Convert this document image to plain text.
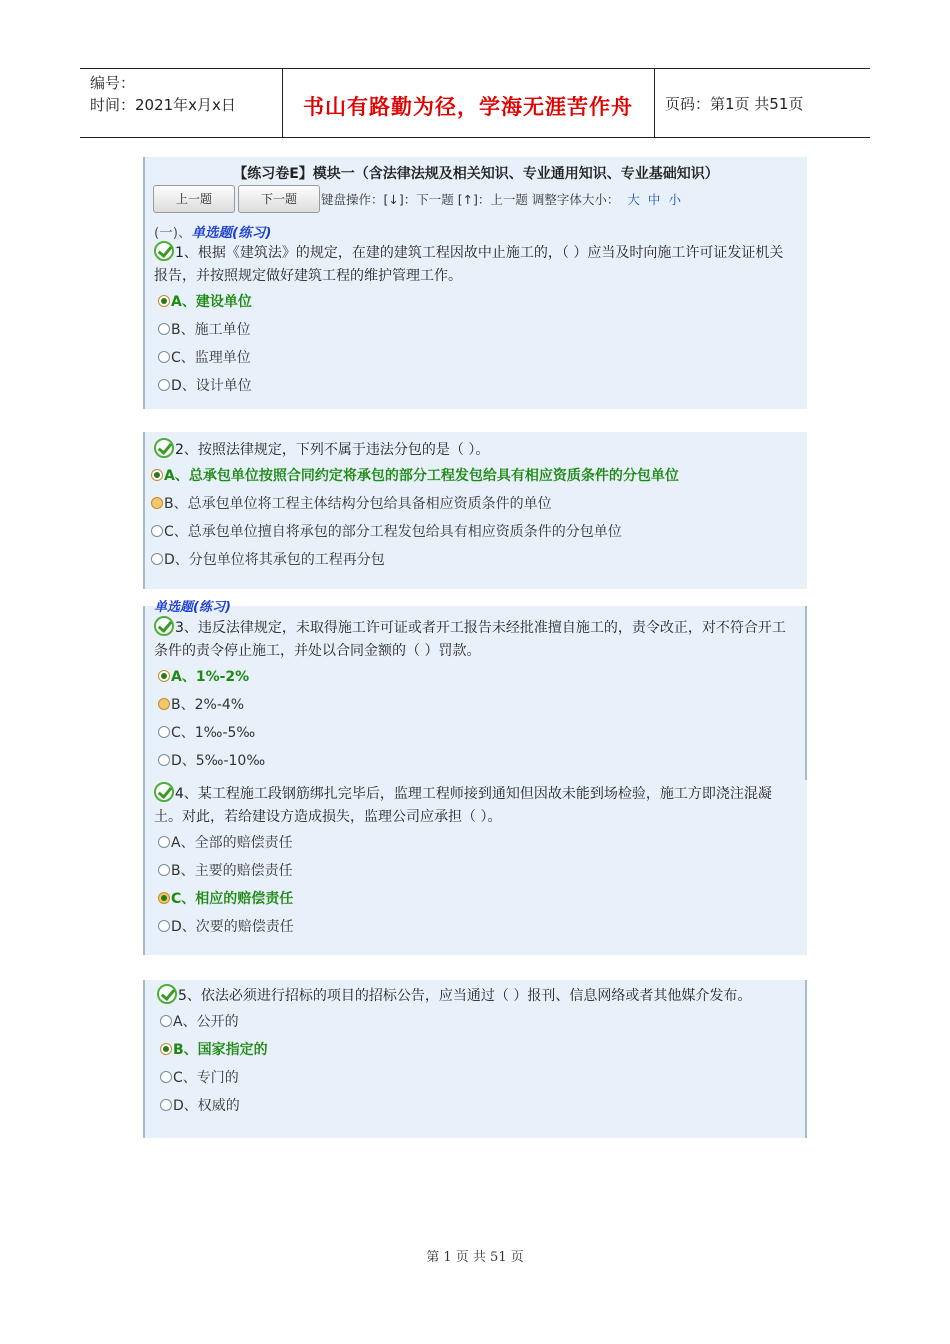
编号：
时间：2021年x月x日	书山有路勤为径，学海无涯苦作舟	页码：第1页 共51页
【练习卷E】模块一（含法律法规及相关知识、专业通用知识、专业基础知识）
上一题	下一题	键盘操作：[↓]：下一题 [↑]：上一题 调整字体大小： 大 中 小
(一)、单选题(练习)
1、根据《建筑法》的规定，在建的建筑工程因故中止施工的，（ ）应当及时向施工许可证发证机关报告，并按照规定做好建筑工程的维护管理工作。
A、建设单位
B、施工单位
C、监理单位
D、设计单位
2、按照法律规定，下列不属于违法分包的是（ ）。
A、总承包单位按照合同约定将承包的部分工程发包给具有相应资质条件的分包单位
B、总承包单位将工程主体结构分包给具备相应资质条件的单位
C、总承包单位擅自将承包的部分工程发包给具有相应资质条件的分包单位
D、分包单位将其承包的工程再分包
单选题(练习)
3、违反法律规定，未取得施工许可证或者开工报告未经批准擅自施工的，责令改正，对不符合开工条件的责令停止施工，并处以合同金额的（ ）罚款。
A、1%-2%
B、2%-4%
C、1‰-5‰
D、5‰-10‰
4、某工程施工段钢筋绑扎完毕后，监理工程师接到通知但因故未能到场检验，施工方即浇注混凝土。对此，若给建设方造成损失，监理公司应承担（ ）。
A、全部的赔偿责任
B、主要的赔偿责任
C、相应的赔偿责任
D、次要的赔偿责任
5、依法必须进行招标的项目的招标公告，应当通过（ ）报刊、信息网络或者其他媒介发布。
A、公开的
B、国家指定的
C、专门的
D、权威的
第 1 页 共 51 页
